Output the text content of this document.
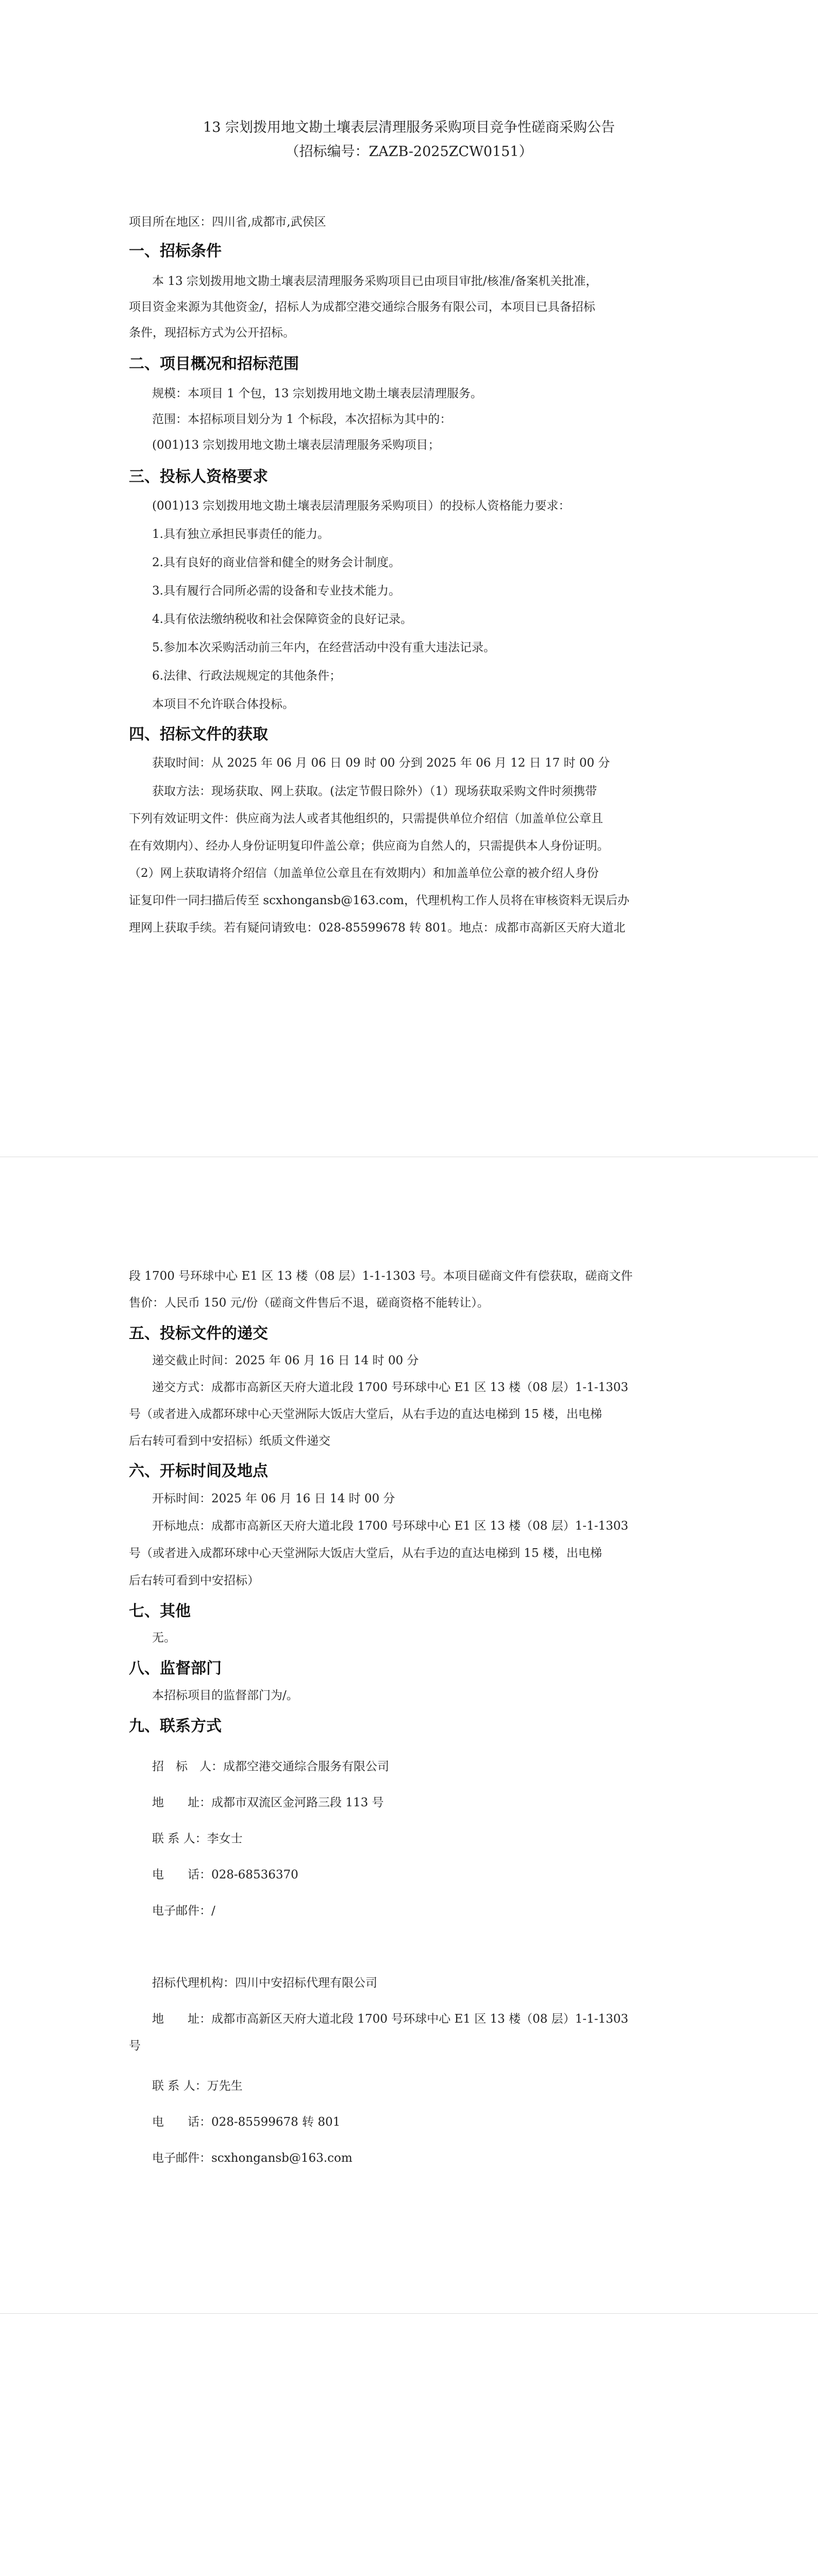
13 宗划拨用地文勘土壤表层清理服务采购项目竞争性磋商采购公告
（招标编号：ZAZB-2025ZCW0151）
项目所在地区：四川省,成都市,武侯区
一、招标条件
本 13 宗划拨用地文勘土壤表层清理服务采购项目已由项目审批/核准/备案机关批准，
项目资金来源为其他资金/，招标人为成都空港交通综合服务有限公司，本项目已具备招标
条件，现招标方式为公开招标。
二、项目概况和招标范围
规模：本项目 1 个包，13 宗划拨用地文勘土壤表层清理服务。
范围：本招标项目划分为 1 个标段，本次招标为其中的：
(001)13 宗划拨用地文勘土壤表层清理服务采购项目；
三、投标人资格要求
(001)13 宗划拨用地文勘土壤表层清理服务采购项目）的投标人资格能力要求：
1.具有独立承担民事责任的能力。
2.具有良好的商业信誉和健全的财务会计制度。
3.具有履行合同所必需的设备和专业技术能力。
4.具有依法缴纳税收和社会保障资金的良好记录。
5.参加本次采购活动前三年内，在经营活动中没有重大违法记录。
6.法律、行政法规规定的其他条件；
本项目不允许联合体投标。
四、招标文件的获取
获取时间：从 2025 年 06 月 06 日 09 时 00 分到 2025 年 06 月 12 日 17 时 00 分
获取方法：现场获取、网上获取。(法定节假日除外）（1）现场获取采购文件时须携带
下列有效证明文件：供应商为法人或者其他组织的，只需提供单位介绍信（加盖单位公章且
在有效期内）、经办人身份证明复印件盖公章；供应商为自然人的，只需提供本人身份证明。
（2）网上获取请将介绍信（加盖单位公章且在有效期内）和加盖单位公章的被介绍人身份
证复印件一同扫描后传至 scxhongansb@163.com，代理机构工作人员将在审核资料无误后办
理网上获取手续。若有疑问请致电：028-85599678 转 801。地点：成都市高新区天府大道北
段 1700 号环球中心 E1 区 13 楼（08 层）1-1-1303 号。本项目磋商文件有偿获取，磋商文件
售价：人民币 150 元/份（磋商文件售后不退，磋商资格不能转让）。
五、投标文件的递交
递交截止时间：2025 年 06 月 16 日 14 时 00 分
递交方式：成都市高新区天府大道北段 1700 号环球中心 E1 区 13 楼（08 层）1-1-1303
号（或者进入成都环球中心天堂洲际大饭店大堂后，从右手边的直达电梯到 15 楼，出电梯
后右转可看到中安招标）纸质文件递交
六、开标时间及地点
开标时间：2025 年 06 月 16 日 14 时 00 分
开标地点：成都市高新区天府大道北段 1700 号环球中心 E1 区 13 楼（08 层）1-1-1303
号（或者进入成都环球中心天堂洲际大饭店大堂后，从右手边的直达电梯到 15 楼，出电梯
后右转可看到中安招标）
七、其他
无。
八、监督部门
本招标项目的监督部门为/。
九、联系方式
招　标　人：成都空港交通综合服务有限公司
地　　址：成都市双流区金河路三段 113 号
联 系 人：李女士
电　　话：028-68536370
电子邮件：/
招标代理机构：四川中安招标代理有限公司
地　　址：成都市高新区天府大道北段 1700 号环球中心 E1 区 13 楼（08 层）1-1-1303
号
联 系 人：万先生
电　　话：028-85599678 转 801
电子邮件：scxhongansb@163.com
